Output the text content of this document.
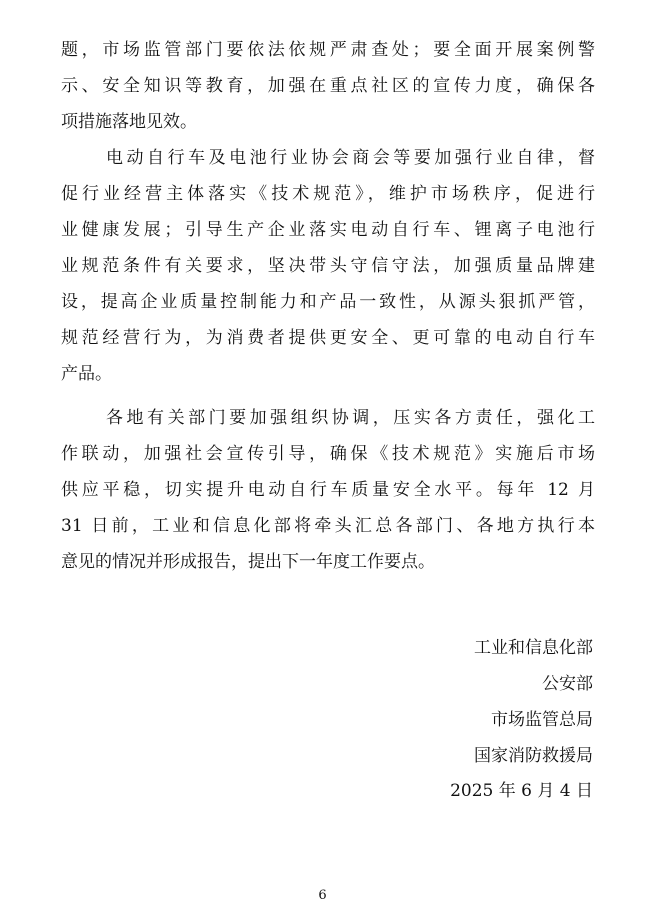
题，市场监管部门要依法依规严肃查处；要全面开展案例警
示、安全知识等教育，加强在重点社区的宣传力度，确保各
项措施落地见效。
电动自行车及电池行业协会商会等要加强行业自律，督
促行业经营主体落实《技术规范》，维护市场秩序，促进行
业健康发展；引导生产企业落实电动自行车、锂离子电池行
业规范条件有关要求，坚决带头守信守法，加强质量品牌建
设，提高企业质量控制能力和产品一致性，从源头狠抓严管，
规范经营行为，为消费者提供更安全、更可靠的电动自行车
产品。
各地有关部门要加强组织协调，压实各方责任，强化工
作联动，加强社会宣传引导，确保《技术规范》实施后市场
供应平稳，切实提升电动自行车质量安全水平。每年 12 月
31 日前，工业和信息化部将牵头汇总各部门、各地方执行本
意见的情况并形成报告，提出下一年度工作要点。
工业和信息化部
公安部
市场监管总局
国家消防救援局
2025 年 6 月 4 日
6
